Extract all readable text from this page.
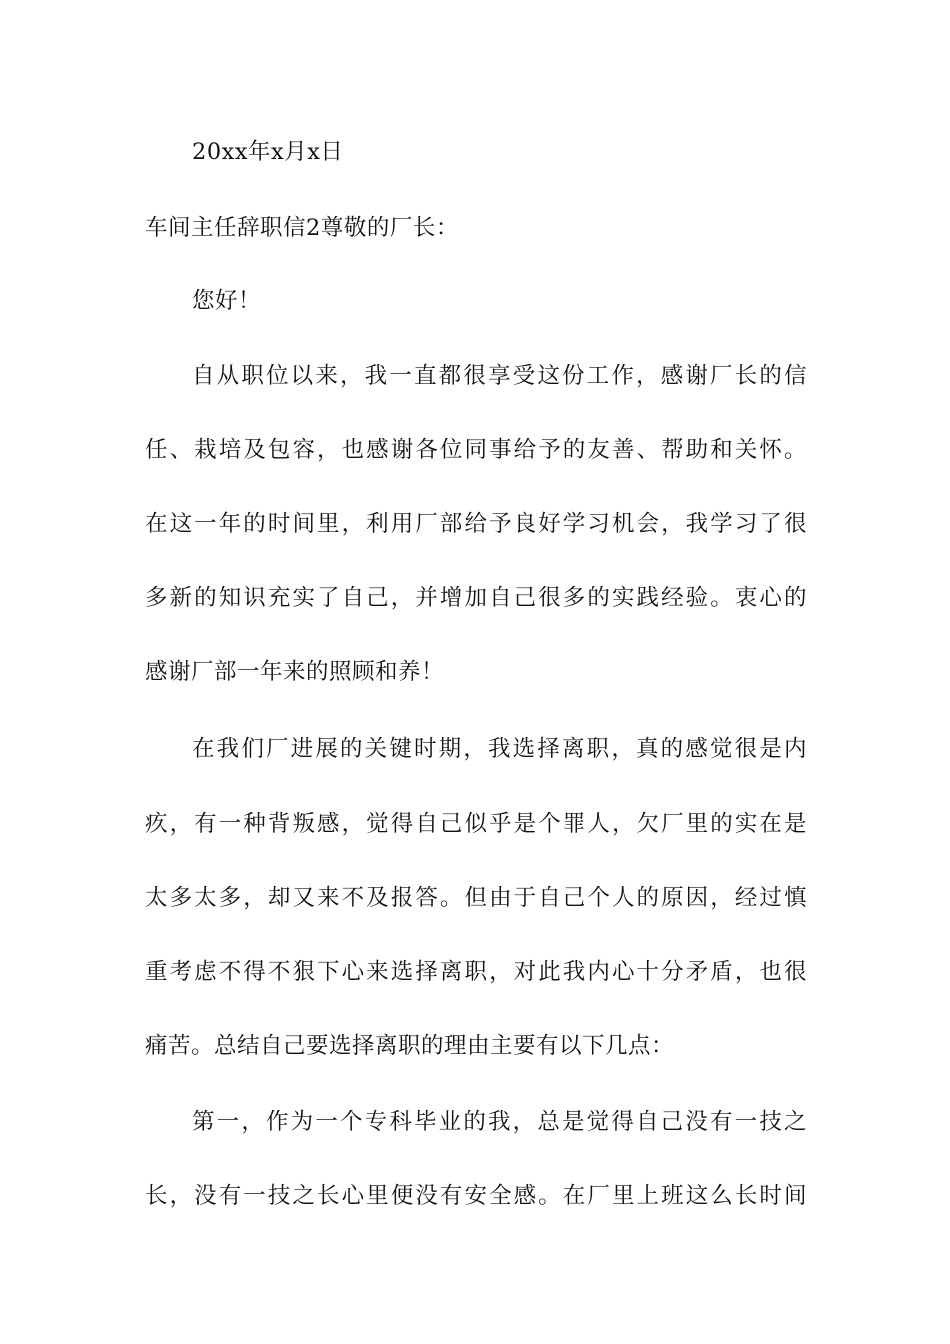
20xx年x月x日
车间主任辞职信2尊敬的厂长：
您好！
自从职位以来，我一直都很享受这份工作，感谢厂长的信
任、栽培及包容，也感谢各位同事给予的友善、帮助和关怀。
在这一年的时间里，利用厂部给予良好学习机会，我学习了很
多新的知识充实了自己，并增加自己很多的实践经验。衷心的
感谢厂部一年来的照顾和养！
在我们厂进展的关键时期，我选择离职，真的感觉很是内
疚，有一种背叛感，觉得自己似乎是个罪人，欠厂里的实在是
太多太多，却又来不及报答。但由于自己个人的原因，经过慎
重考虑不得不狠下心来选择离职，对此我内心十分矛盾，也很
痛苦。总结自己要选择离职的理由主要有以下几点：
第一，作为一个专科毕业的我，总是觉得自己没有一技之
长，没有一技之长心里便没有安全感。在厂里上班这么长时间
